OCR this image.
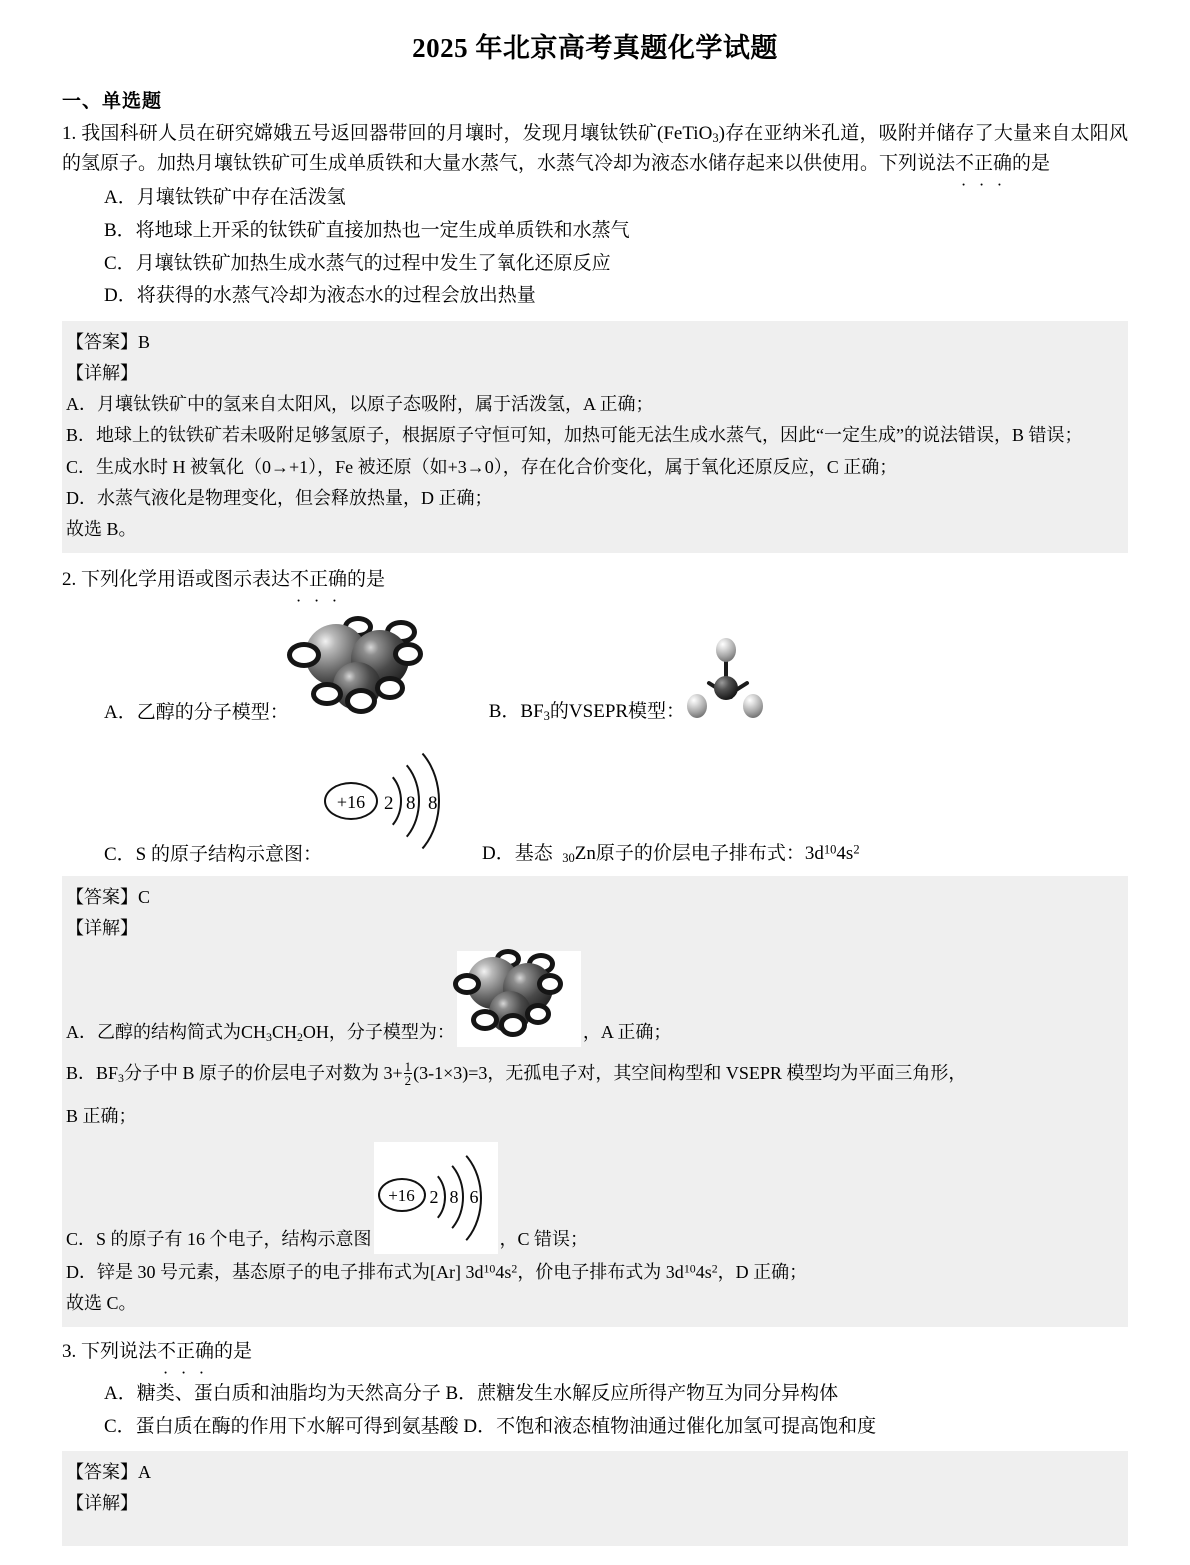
2025 年北京高考真题化学试题
一、单选题
1. 我国科研人员在研究嫦娥五号返回器带回的月壤时，发现月壤钛铁矿(FeTiO$_3$)存在亚纳米孔道，吸附并储存了大量来自太阳风的氢原子。加热月壤钛铁矿可生成单质铁和大量水蒸气，水蒸气冷却为液态水储存起来以供使用。下列说法不正确 · · ·的是
A．月壤钛铁矿中存在活泼氢
B．将地球上开采的钛铁矿直接加热也一定生成单质铁和水蒸气
C．月壤钛铁矿加热生成水蒸气的过程中发生了氧化还原反应
D．将获得的水蒸气冷却为液态水的过程会放出热量
【答案】B
【详解】
A．月壤钛铁矿中的氢来自太阳风，以原子态吸附，属于活泼氢，A 正确；
B．地球上的钛铁矿若未吸附足够氢原子，根据原子守恒可知，加热可能无法生成水蒸气，因此“一定生成”的说法错误，B 错误；
C．生成水时 H 被氧化（0→+1），Fe 被还原（如+3→0），存在化合价变化，属于氧化还原反应，C 正确；
D．水蒸气液化是物理变化，但会释放热量，D 正确；
故选 B。
2. 下列化学用语或图示表达不正确 · · ·的是
A．乙醇的分子模型：	B．$BF_3$的VSEPR模型：
C．S 的原子结构示意图：
+16 2 8 8
D．基态 $_{30}$Zn原子的价层电子排布式：$3d^{10}4s^2$
【答案】C
【详解】
A．乙醇的结构简式为$CH_3$ $CH_2$ OH，分子模型为：	，A 正确；
B．$BF_3$分子中 B 原子的价层电子对数为 $3+ \frac{1}{2} (3-1\times 3)=3$，无孤电子对，其空间构型和 VSEPR 模型均为平面三角形，
B 正确；
C．S 的原子有 16 个电子，结构示意图
+16 2 8 6
，C 错误；
D．锌是 30 号元素，基态原子的电子排布式为[Ar] $3d^{10}4s^2$，价电子排布式为 $3d^{10}4s^2$，D 正确；
故选 C。
3. 下列说法不正确 · · ·的是
A．糖类、蛋白质和油脂均为天然高分子 B．蔗糖发生水解反应所得产物互为同分异构体
C．蛋白质在酶的作用下水解可得到氨基酸 D．不饱和液态植物油通过催化加氢可提高饱和度
【答案】A
【详解】
